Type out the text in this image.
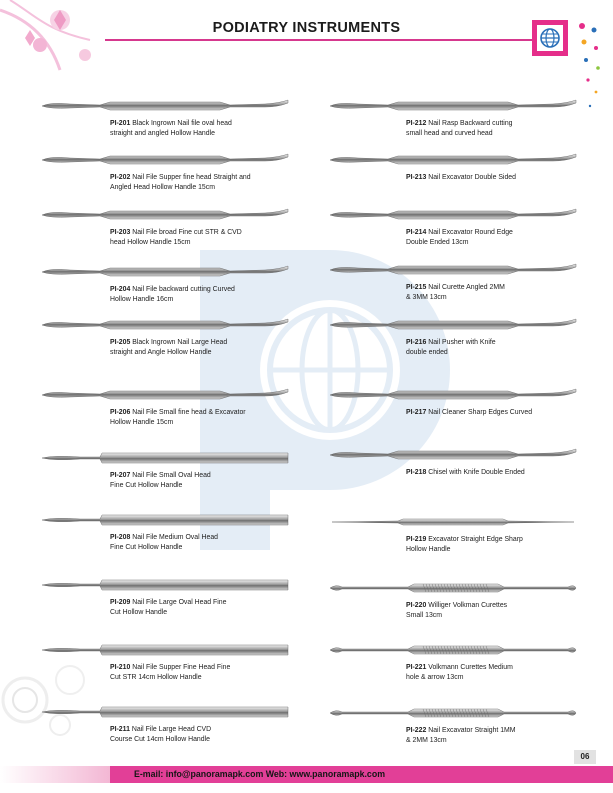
PODIATRY INSTRUMENTS
PI-201 Black Ingrown Nail file oval head
straight and angled Hollow Handle
PI-202 Nail File Supper fine head Straight and
Angled Head Hollow Handle 15cm
PI-203 Nail File broad Fine cut STR & CVD
head Hollow Handle 15cm
PI-204 Nail File backward cutting Curved
Hollow Handle 16cm
PI-205 Black Ingrown Nail Large Head
straight and Angle Hollow Handle
PI-206 Nail File Small fine head & Excavator
Hollow Handle 15cm
PI-207 Nail File Small Oval Head
Fine Cut Hollow Handle
PI-208 Nail File Medium Oval Head
Fine Cut Hollow Handle
PI-209 Nail File Large Oval Head Fine
Cut Hollow Handle
PI-210 Nail File Supper Fine Head Fine
Cut STR 14cm Hollow Handle
PI-211 Nail File Large Head CVD
Course Cut 14cm Hollow Handle
PI-212 Nail Rasp Backward cutting
small head and curved head
PI-213 Nail Excavator Double Sided
PI-214 Nail Excavator Round Edge
Double Ended 13cm
PI-215 Nail Curette Angled 2MM
& 3MM 13cm
PI-216 Nail Pusher with Knife
double ended
PI-217 Nail Cleaner Sharp Edges Curved
PI-218 Chisel with Knife Double Ended
PI-219 Excavator Straight Edge Sharp
Hollow Handle
PI-220 Williger Volkman Curettes
Small 13cm
PI-221 Volkmann Curettes Medium
hole & arrow 13cm
PI-222 Nail Excavator Straight 1MM
& 2MM 13cm
06
E-mail: info@panoramapk.com Web: www.panoramapk.com
